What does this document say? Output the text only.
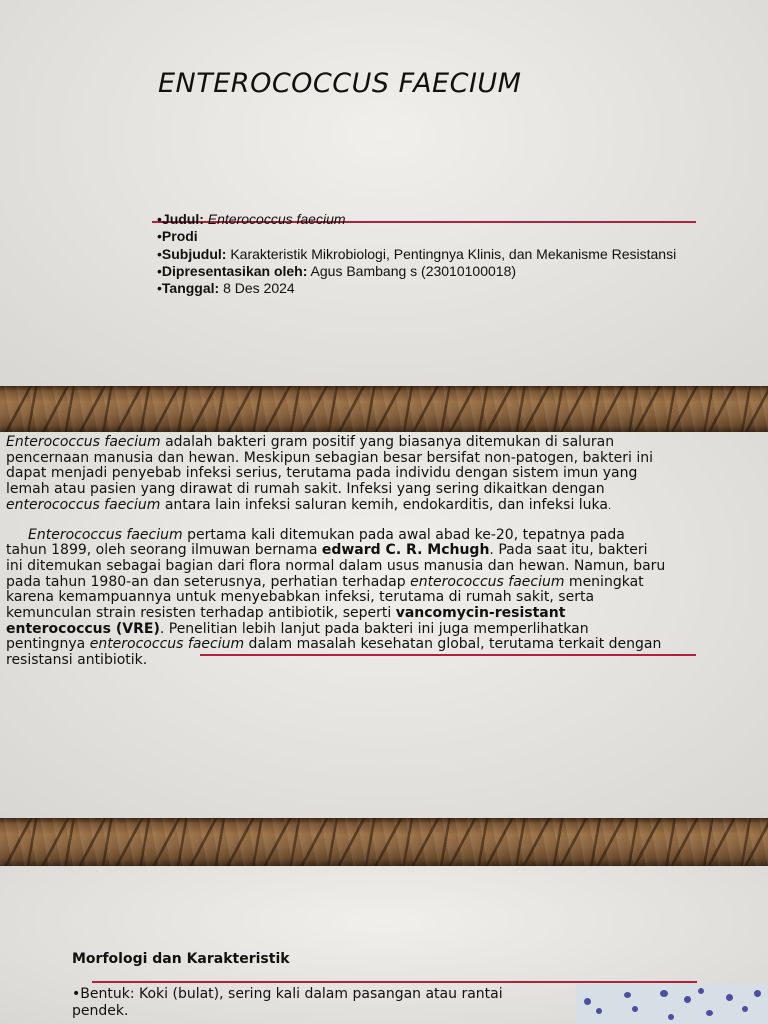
ENTEROCOCCUS FAECIUM
•Judul: Enterococcus faecium
•Prodi
•Subjudul: Karakteristik Mikrobiologi, Pentingnya Klinis, dan Mekanisme Resistansi
•Dipresentasikan oleh: Agus Bambang s (23010100018)
•Tanggal: 8 Des 2024

Enterococcus faecium adalah bakteri gram positif yang biasanya ditemukan di saluran pencernaan manusia dan hewan. Meskipun sebagian besar bersifat non-patogen, bakteri ini dapat menjadi penyebab infeksi serius, terutama pada individu dengan sistem imun yang lemah atau pasien yang dirawat di rumah sakit. Infeksi yang sering dikaitkan dengan enterococcus faecium antara lain infeksi saluran kemih, endokarditis, dan infeksi luka.

Enterococcus faecium pertama kali ditemukan pada awal abad ke-20, tepatnya pada tahun 1899, oleh seorang ilmuwan bernama edward C. R. Mchugh. Pada saat itu, bakteri ini ditemukan sebagai bagian dari flora normal dalam usus manusia dan hewan. Namun, baru pada tahun 1980-an dan seterusnya, perhatian terhadap enterococcus faecium meningkat karena kemampuannya untuk menyebabkan infeksi, terutama di rumah sakit, serta kemunculan strain resisten terhadap antibiotik, seperti vancomycin-resistant enterococcus (VRE). Penelitian lebih lanjut pada bakteri ini juga memperlihatkan pentingnya enterococcus faecium dalam masalah kesehatan global, terutama terkait dengan resistansi antibiotik.

Morfologi dan Karakteristik

•Bentuk: Koki (bulat), sering kali dalam pasangan atau rantai pendek.
